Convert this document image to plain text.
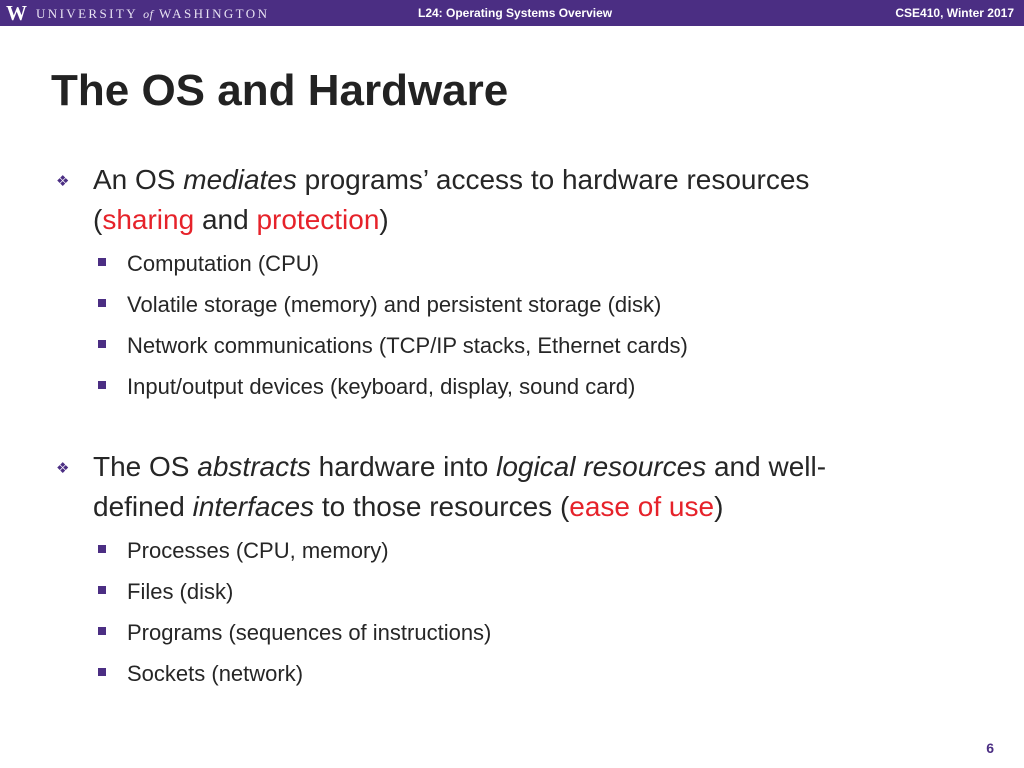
W UNIVERSITY of WASHINGTON	L24: Operating Systems Overview	CSE410, Winter 2017
The OS and Hardware
❖ An OS mediates programs’ access to hardware resources
(sharing and protection)
Computation (CPU)
Volatile storage (memory) and persistent storage (disk)
Network communications (TCP/IP stacks, Ethernet cards)
Input/output devices (keyboard, display, sound card)
❖ The OS abstracts hardware into logical resources and well-
defined interfaces to those resources (ease of use)
Processes (CPU, memory)
Files (disk)
Programs (sequences of instructions)
Sockets (network)
6
